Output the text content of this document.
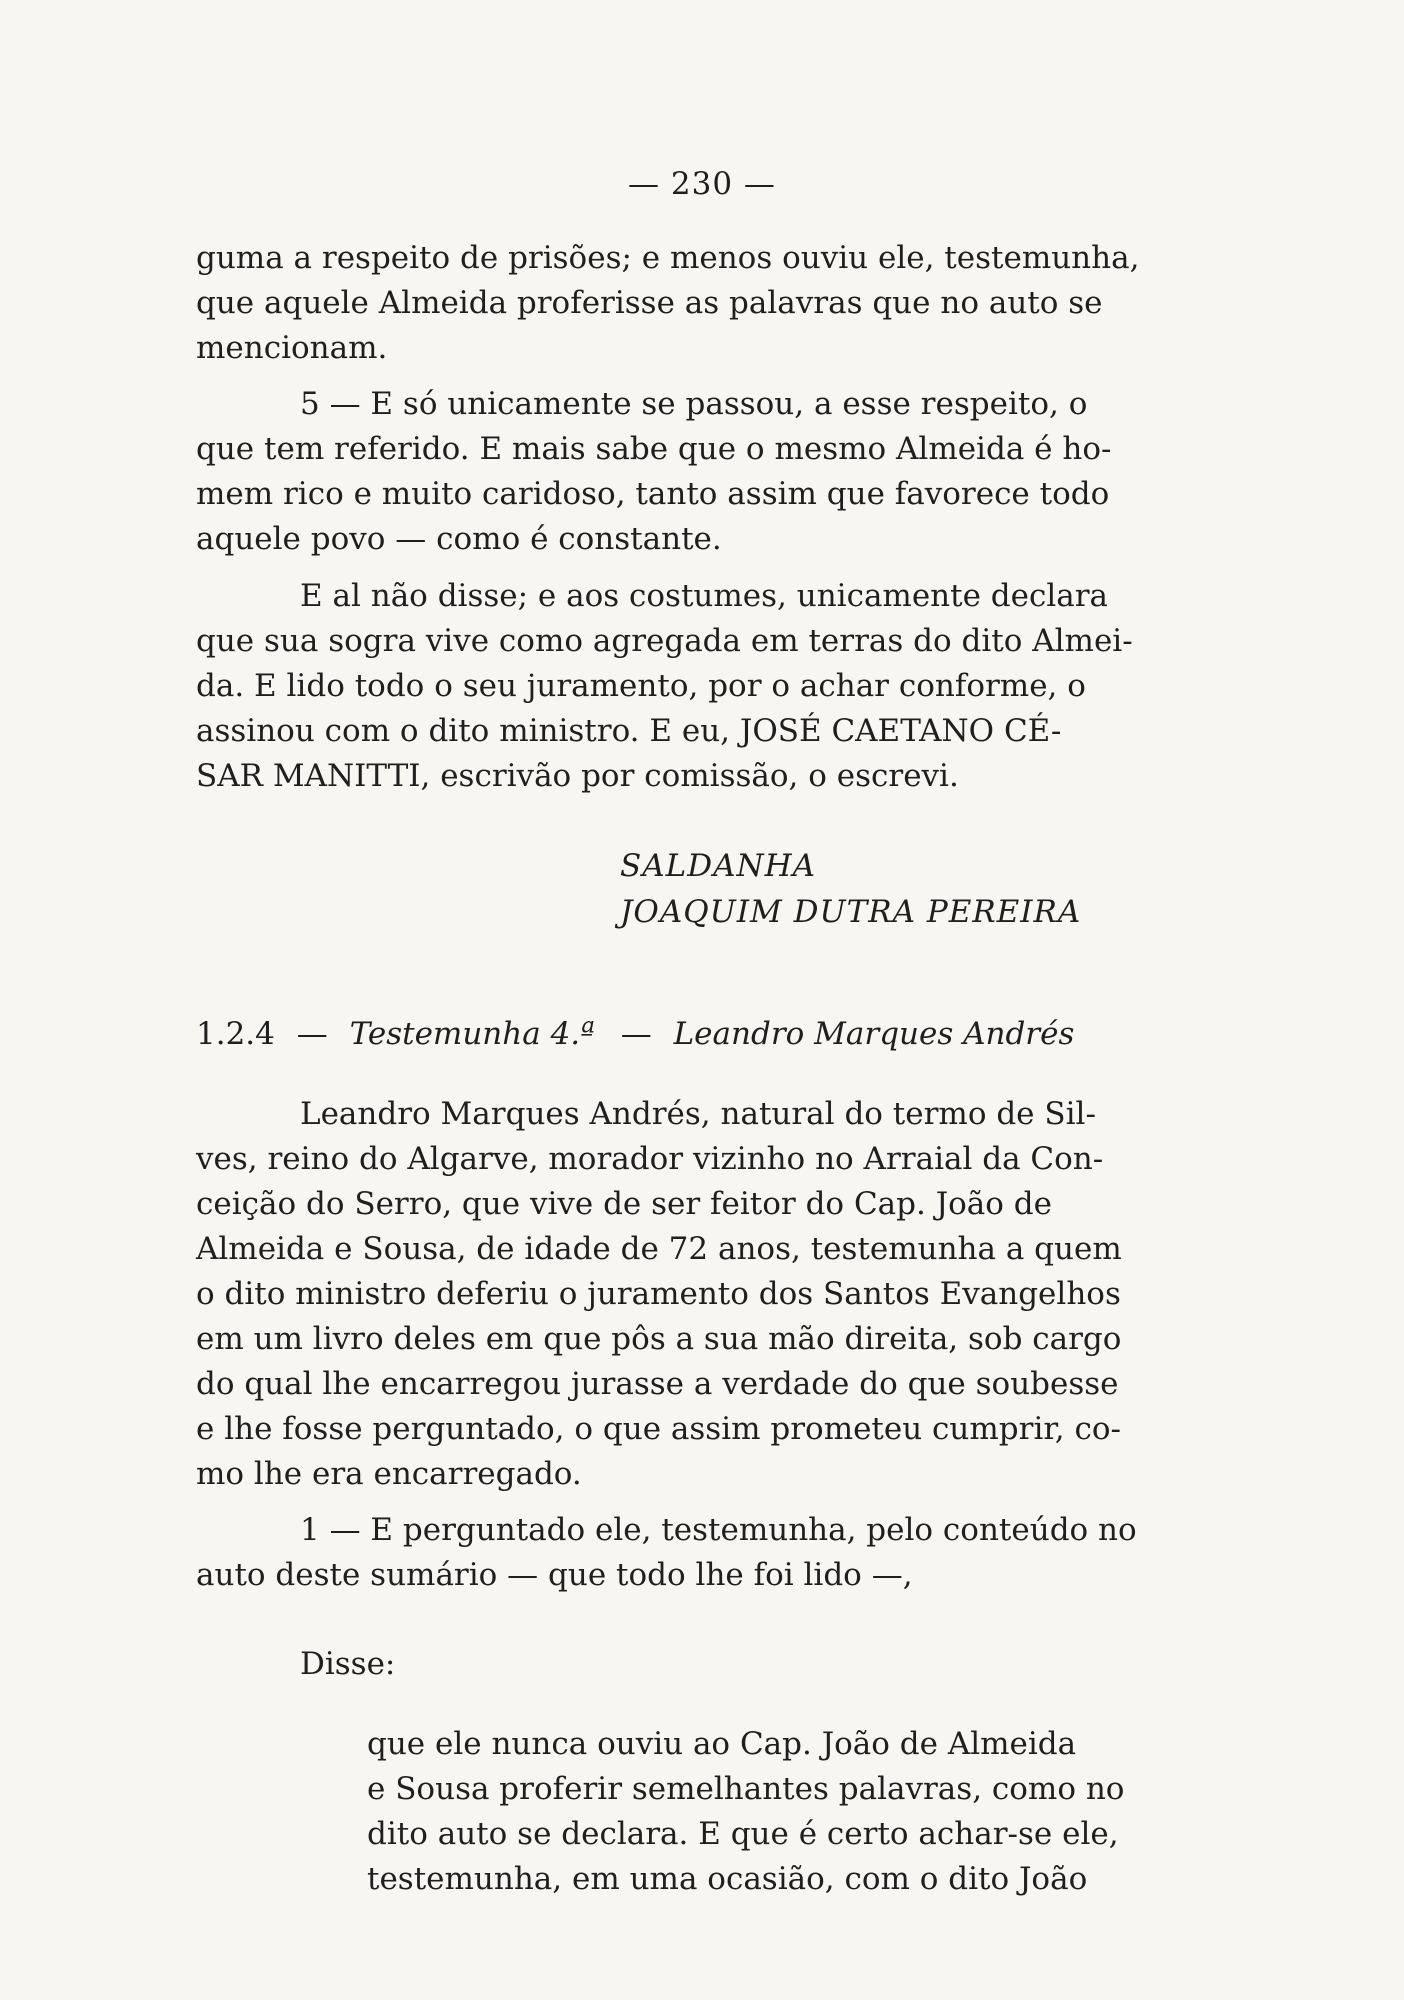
— 230 —

guma a respeito de prisões; e menos ouviu ele, testemunha,

que aquele Almeida proferisse as palavras que no auto se

mencionam.

5 — E só unicamente se passou, a esse respeito, o

que tem referido. E mais sabe que o mesmo Almeida é ho-

mem rico e muito caridoso, tanto assim que favorece todo

aquele povo — como é constante.

E al não disse; e aos costumes, unicamente declara

que sua sogra vive como agregada em terras do dito Almei-

da. E lido todo o seu juramento, por o achar conforme, o

assinou com o dito ministro. E eu, JOSÉ CAETANO CÉ-

SAR MANITTI, escrivão por comissão, o escrevi.

SALDANHA
JOAQUIM DUTRA PEREIRA
1.2.4 — Testemunha 4.ª — Leandro Marques Andrés

Leandro Marques Andrés, natural do termo de Sil-

ves, reino do Algarve, morador vizinho no Arraial da Con-

ceição do Serro, que vive de ser feitor do Cap. João de

Almeida e Sousa, de idade de 72 anos, testemunha a quem

o dito ministro deferiu o juramento dos Santos Evangelhos

em um livro deles em que pôs a sua mão direita, sob cargo

do qual lhe encarregou jurasse a verdade do que soubesse

e lhe fosse perguntado, o que assim prometeu cumprir, co-

mo lhe era encarregado.

1 — E perguntado ele, testemunha, pelo conteúdo no

auto deste sumário — que todo lhe foi lido —,

Disse:

que ele nunca ouviu ao Cap. João de Almeida

e Sousa proferir semelhantes palavras, como no

dito auto se declara. E que é certo achar-se ele,

testemunha, em uma ocasião, com o dito João
